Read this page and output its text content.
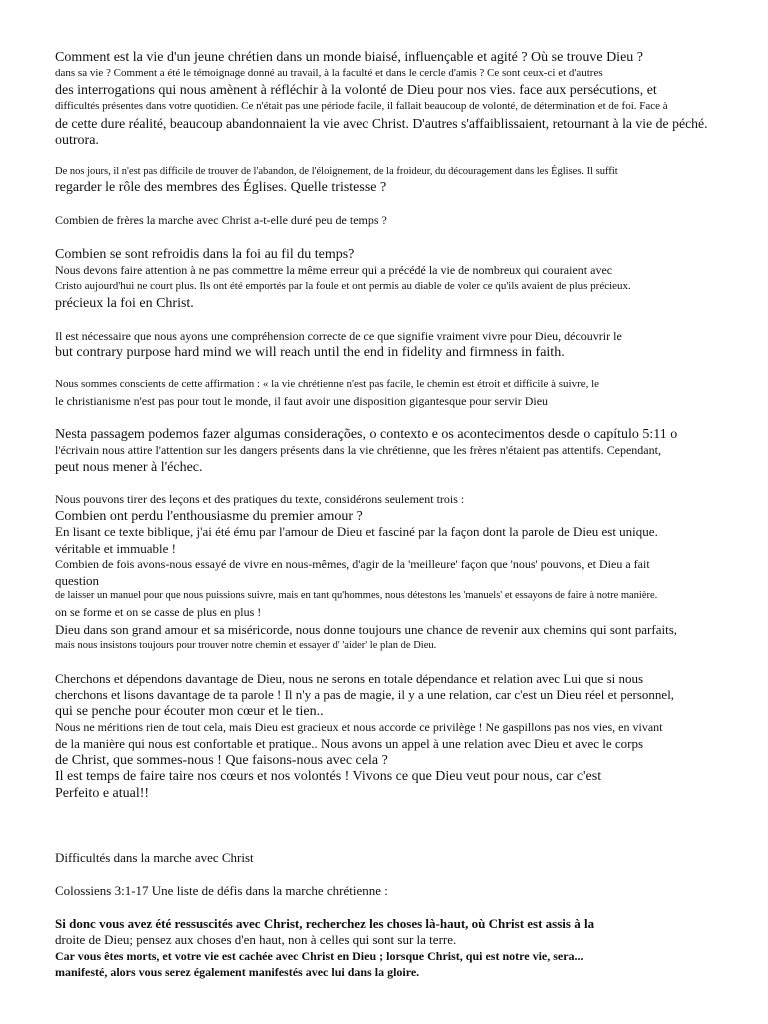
Comment est la vie d'un jeune chrétien dans un monde biaisé, influençable et agité ? Où se trouve Dieu ?

dans sa vie ? Comment a été le témoignage donné au travail, à la faculté et dans le cercle d'amis ? Ce sont ceux-ci et d'autres

des interrogations qui nous amènent à réfléchir à la volonté de Dieu pour nos vies. face aux persécutions, et

difficultés présentes dans votre quotidien. Ce n'était pas une période facile, il fallait beaucoup de volonté, de détermination et de foi. Face à

de cette dure réalité, beaucoup abandonnaient la vie avec Christ. D'autres s'affaiblissaient, retournant à la vie de péché.

outrora.

De nos jours, il n'est pas difficile de trouver de l'abandon, de l'éloignement, de la froideur, du découragement dans les Églises. Il suffit

regarder le rôle des membres des Églises. Quelle tristesse ?

Combien de frères la marche avec Christ a-t-elle duré peu de temps ?

Combien se sont refroidis dans la foi au fil du temps?

Nous devons faire attention à ne pas commettre la même erreur qui a précédé la vie de nombreux qui couraient avec

Cristo aujourd'hui ne court plus. Ils ont été emportés par la foule et ont permis au diable de voler ce qu'ils avaient de plus précieux.

précieux la foi en Christ.

Il est nécessaire que nous ayons une compréhension correcte de ce que signifie vraiment vivre pour Dieu, découvrir le

but contrary purpose hard mind we will reach until the end in fidelity and firmness in faith.

Nous sommes conscients de cette affirmation : « la vie chrétienne n'est pas facile, le chemin est étroit et difficile à suivre, le

le christianisme n'est pas pour tout le monde, il faut avoir une disposition gigantesque pour servir Dieu

Nesta passagem podemos fazer algumas considerações, o contexto e os acontecimentos desde o capítulo 5:11 o

l'écrivain nous attire l'attention sur les dangers présents dans la vie chrétienne, que les frères n'étaient pas attentifs. Cependant,

peut nous mener à l'échec.

Nous pouvons tirer des leçons et des pratiques du texte, considérons seulement trois :

Combien ont perdu l'enthousiasme du premier amour ?

En lisant ce texte biblique, j'ai été ému par l'amour de Dieu et fasciné par la façon dont la parole de Dieu est unique.

véritable et immuable !

Combien de fois avons-nous essayé de vivre en nous-mêmes, d'agir de la 'meilleure' façon que 'nous' pouvons, et Dieu a fait

question

de laisser un manuel pour que nous puissions suivre, mais en tant qu'hommes, nous détestons les 'manuels' et essayons de faire à notre manière.

on se forme et on se casse de plus en plus !

Dieu dans son grand amour et sa miséricorde, nous donne toujours une chance de revenir aux chemins qui sont parfaits,

mais nous insistons toujours pour trouver notre chemin et essayer d' 'aider' le plan de Dieu.

Cherchons et dépendons davantage de Dieu, nous ne serons en totale dépendance et relation avec Lui que si nous

cherchons et lisons davantage de ta parole ! Il n'y a pas de magie, il y a une relation, car c'est un Dieu réel et personnel,

qui se penche pour écouter mon cœur et le tien..

Nous ne méritions rien de tout cela, mais Dieu est gracieux et nous accorde ce privilège ! Ne gaspillons pas nos vies, en vivant

de la manière qui nous est confortable et pratique.. Nous avons un appel à une relation avec Dieu et avec le corps

de Christ, que sommes-nous ! Que faisons-nous avec cela ?

Il est temps de faire taire nos cœurs et nos volontés ! Vivons ce que Dieu veut pour nous, car c'est

Perfeito e atual!!

Difficultés dans la marche avec Christ

Colossiens 3:1-17 Une liste de défis dans la marche chrétienne :

Si donc vous avez été ressuscités avec Christ, recherchez les choses là-haut, où Christ est assis à la

droite de Dieu; pensez aux choses d'en haut, non à celles qui sont sur la terre.

Car vous êtes morts, et votre vie est cachée avec Christ en Dieu ; lorsque Christ, qui est notre vie, sera...

manifesté, alors vous serez également manifestés avec lui dans la gloire.
